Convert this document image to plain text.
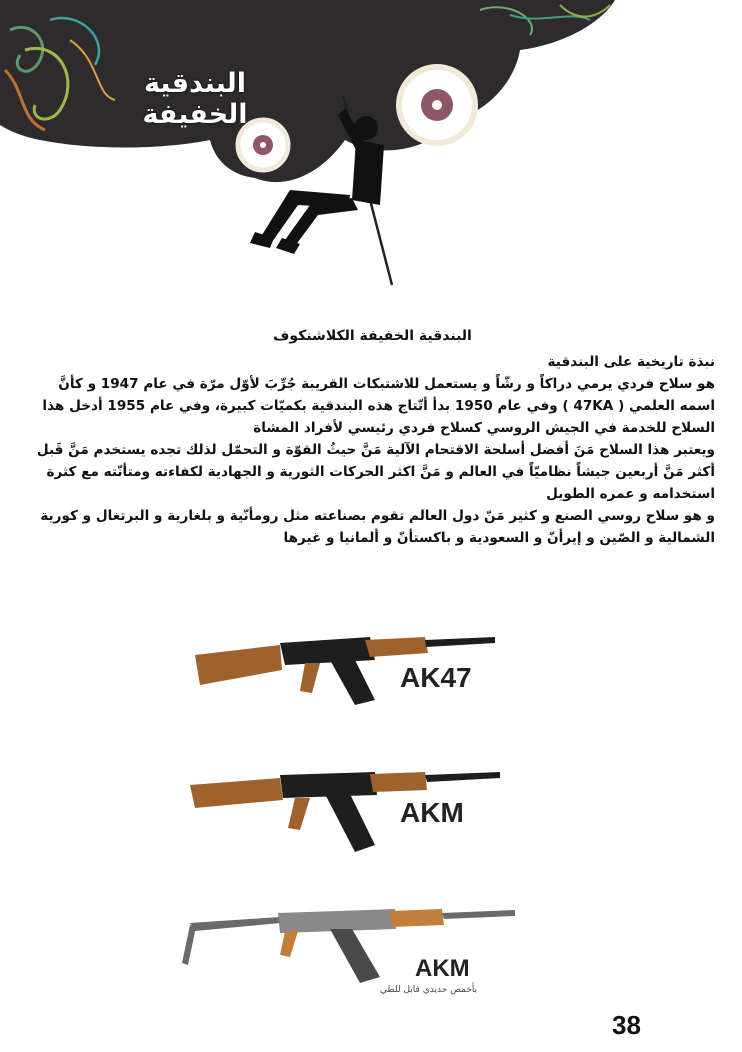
البندقية الخفيفة

البندقية الخفيفة الكلاشنكوف

نبذة تاريخية على البندقية

هو سلاح فردي يرمي دراكاً و رشّاً و يستعمل للاشتبكات القريبة جُرِّبَ لأوّل مرّة في عام 1947 و كأنَّ اسمه العلمي ( 47KA ) وفي عام 1950 بدأ أتّتاج هذه البندقية بكميّات كبيرة، وفي عام 1955 أدخل هذا السلاح للخدمة في الجيش الروسي كسلاح فردي رئيسي لأفراد المشاة

ويعتبر هذا السلاح مَنَ أفضل أسلحة الاقتحام الآلية مَنَّ حيثُ القوّة و التحمّل لذلك تجده يستخدم مَنَّ قَبل أكثر مَنَّ أربعين جيشاً نظاميّاً في العالم و مَنَّ اكثر الحركات الثورية و الجهادية لكفاءته ومتأنّته مع كثرة استخدامه و عمره الطويل

و هو سلاح روسي الصنع و كثير مَنّ دول العالم تقوم بصناعته مثل رومأنّية و بلغارية و البرتغال و كورية الشمالية و الصّين و إيرأنّ و السعودية و باكستأنّ و ألمانيا و غيرها

AK47
AKM
AKM
بأخمص حديدي قابل للطي
38
